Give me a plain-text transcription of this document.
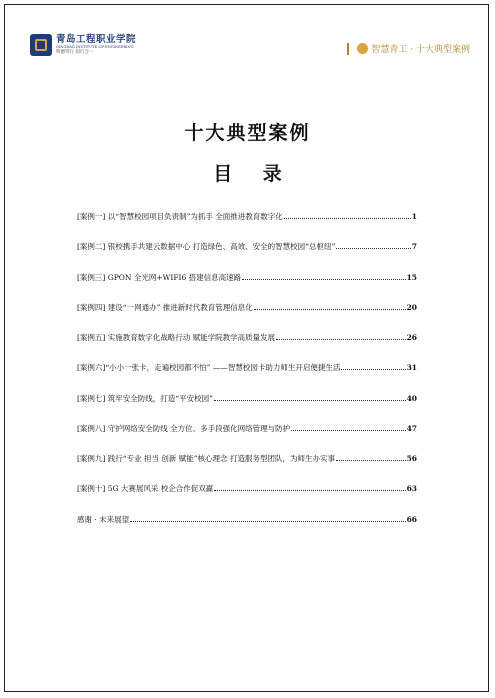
青岛工程职业学院
QINGDAO INSTITUTE OF ENGINEERING
明德笃行 知行合一	智慧青工 · 十大典型案例
十大典型案例
目 录
[案例一] 以“智慧校园项目负责制”为抓手 全面推进教育数字化	1
[案例二] 银校携手共建云数据中心 打造绿色、高效、安全的智慧校园“总枢纽”	7
[案例三] GPON 全光网+WIFI6 搭建信息高速路	15
[案例四] 建设“一网通办” 推进新时代教育管理信息化	20
[案例五] 实施教育数字化战略行动 赋能学院教学高质量发展	26
[案例六]“小小一张卡，走遍校园都不怕” ——智慧校园卡助力师生开启便捷生活	31
[案例七] 筑牢安全防线，打造“平安校园”	40
[案例八] 守护网络安全防线 全方位、多手段强化网络管理与防护	47
[案例九] 践行“专业 担当 创新 赋能”核心理念 打造服务型团队，为师生办实事	56
[案例十] 5G 大赛展风采 校企合作促双赢	63
感谢 · 未来展望	66
